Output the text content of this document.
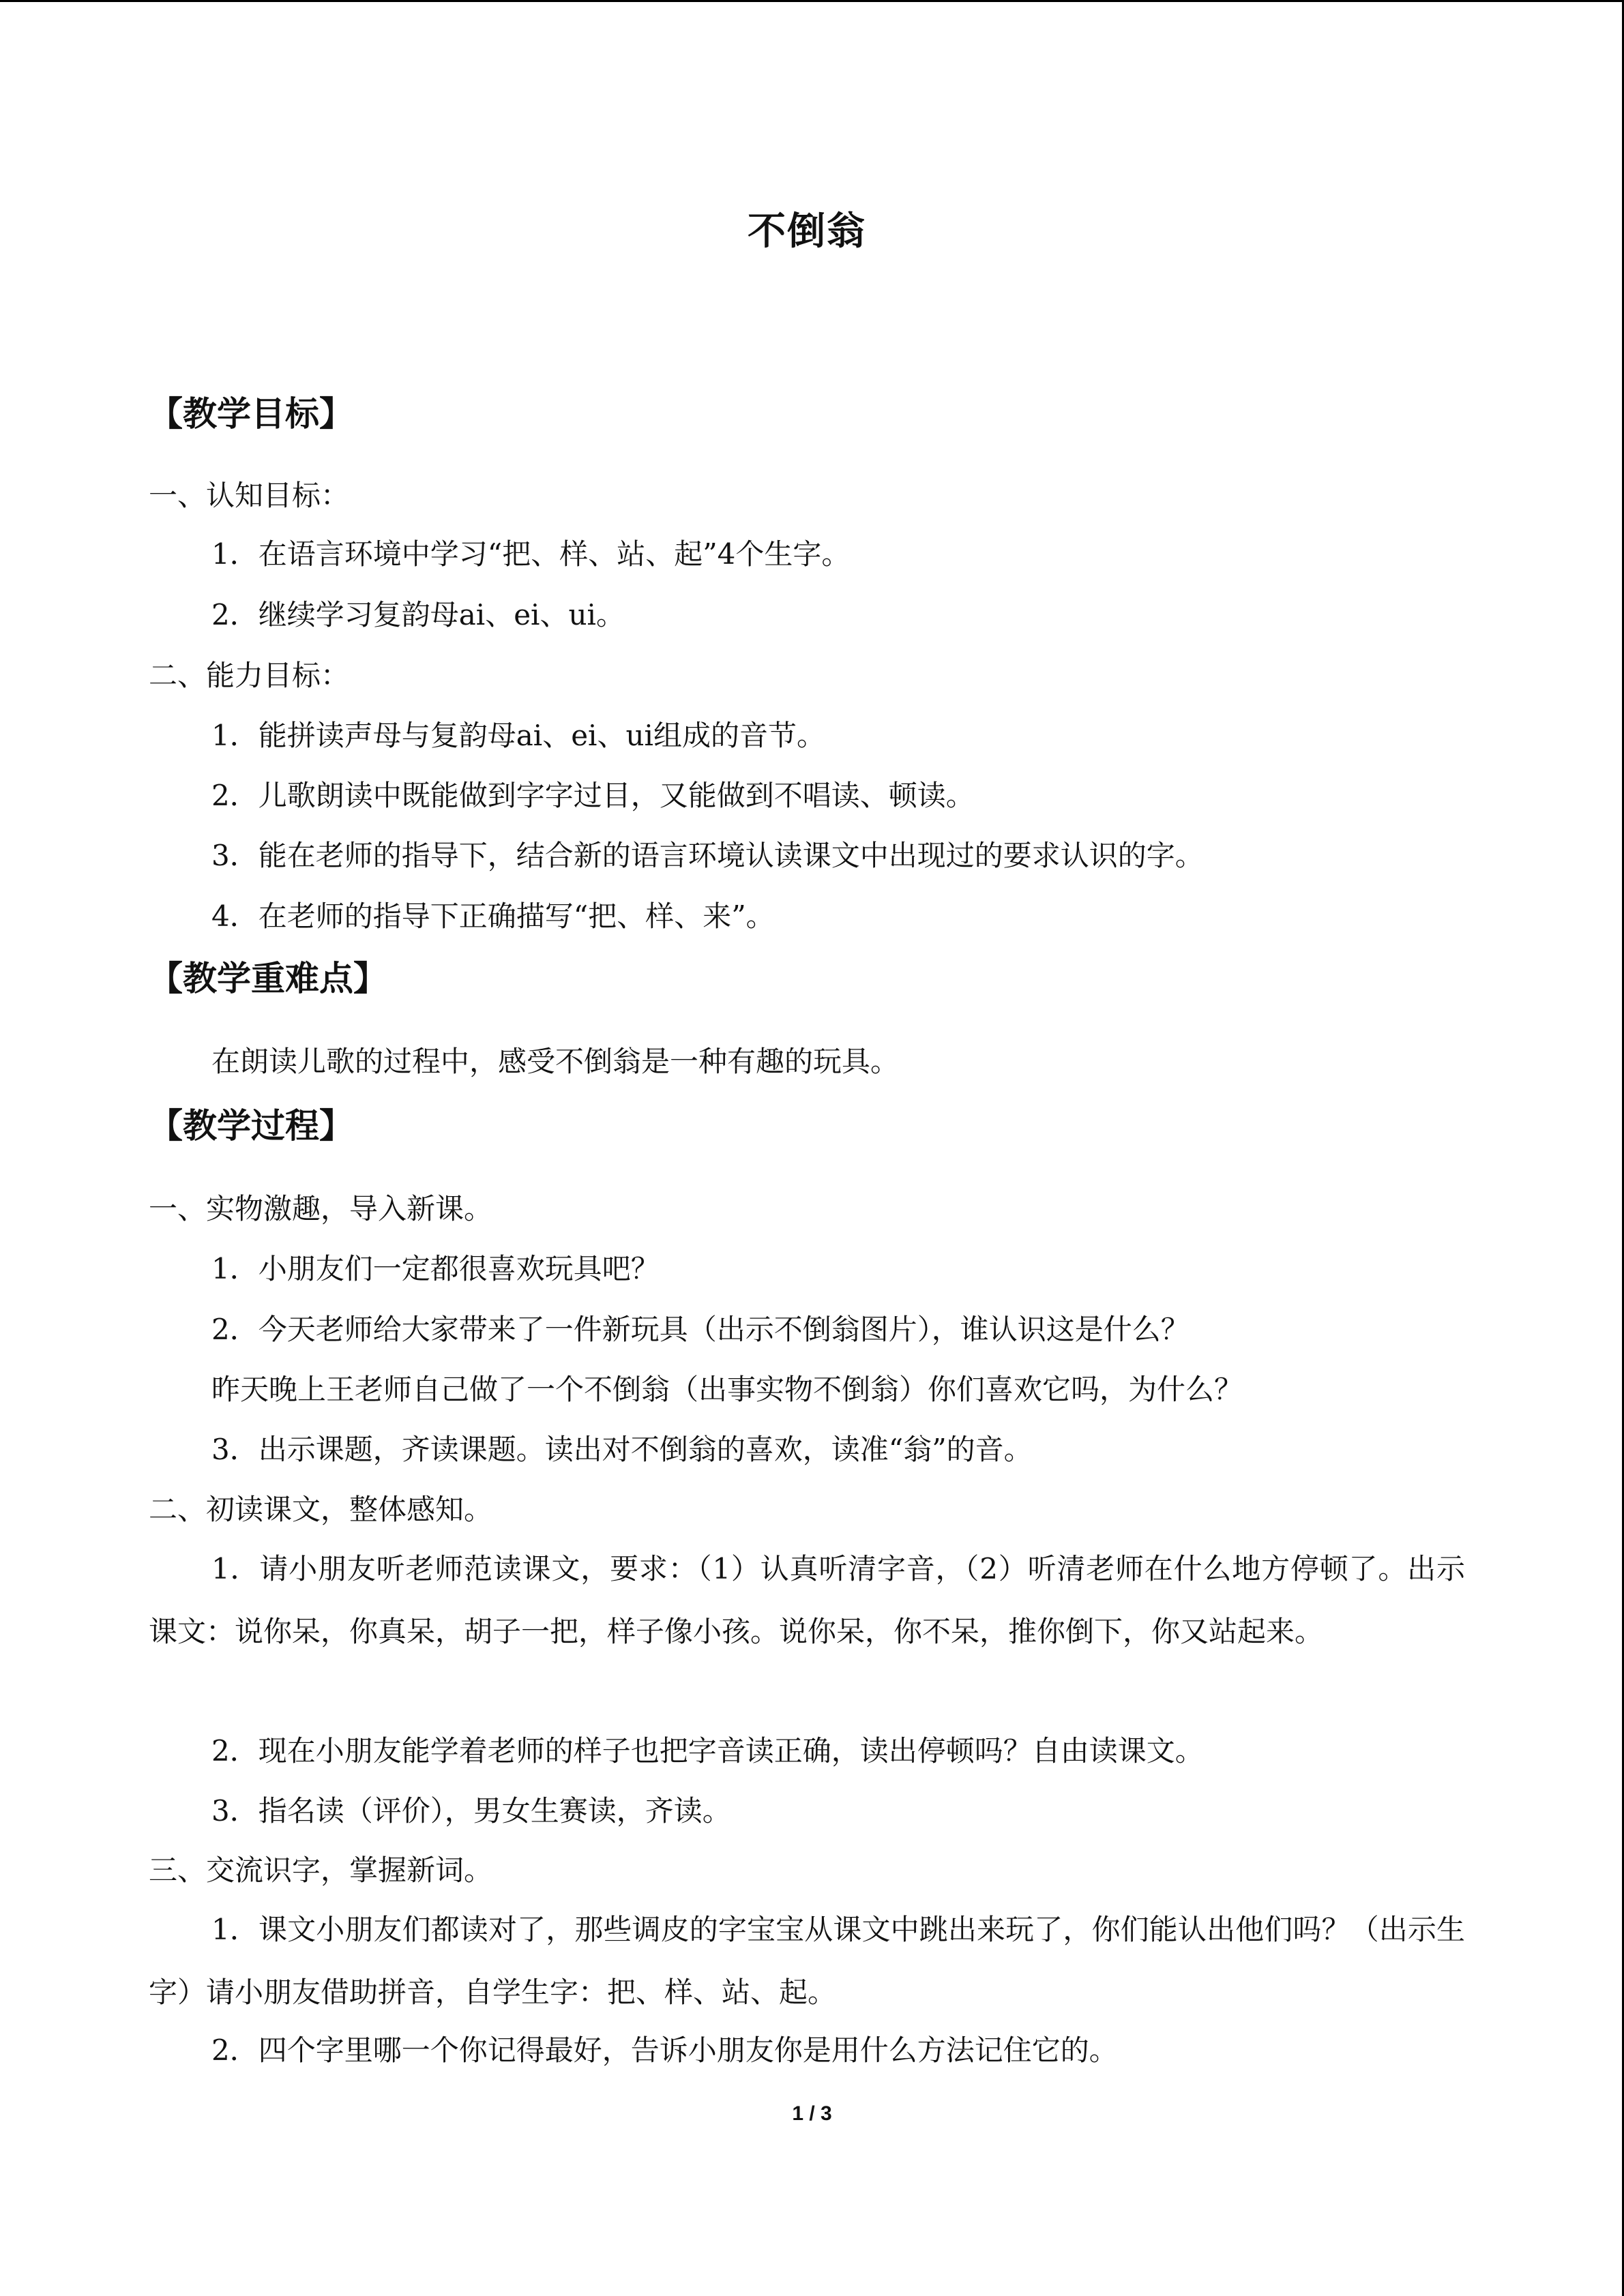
不倒翁
【教学目标】
一、认知目标：
1．在语言环境中学习“把、样、站、起”4个生字。
2．继续学习复韵母ai、ei、ui。
二、能力目标：
1．能拼读声母与复韵母ai、ei、ui组成的音节。
2．儿歌朗读中既能做到字字过目，又能做到不唱读、顿读。
3．能在老师的指导下，结合新的语言环境认读课文中出现过的要求认识的字。
4．在老师的指导下正确描写“把、样、来”。
【教学重难点】
在朗读儿歌的过程中，感受不倒翁是一种有趣的玩具。
【教学过程】
一、实物激趣，导入新课。
1．小朋友们一定都很喜欢玩具吧？
2．今天老师给大家带来了一件新玩具（出示不倒翁图片），谁认识这是什么？
昨天晚上王老师自己做了一个不倒翁（出事实物不倒翁）你们喜欢它吗，为什么？
3．出示课题，齐读课题。读出对不倒翁的喜欢，读准“翁”的音。
二、初读课文，整体感知。
1．请小朋友听老师范读课文，要求：（1）认真听清字音，（2）听清老师在什么地方停顿了。出示课文：说你呆，你真呆，胡子一把，样子像小孩。说你呆，你不呆，推你倒下，你又站起来。
2．现在小朋友能学着老师的样子也把字音读正确，读出停顿吗？自由读课文。
3．指名读（评价），男女生赛读，齐读。
三、交流识字，掌握新词。
1．课文小朋友们都读对了，那些调皮的字宝宝从课文中跳出来玩了，你们能认出他们吗？（出示生字）请小朋友借助拼音，自学生字：把、样、站、起。
2．四个字里哪一个你记得最好，告诉小朋友你是用什么方法记住它的。
1 / 3
